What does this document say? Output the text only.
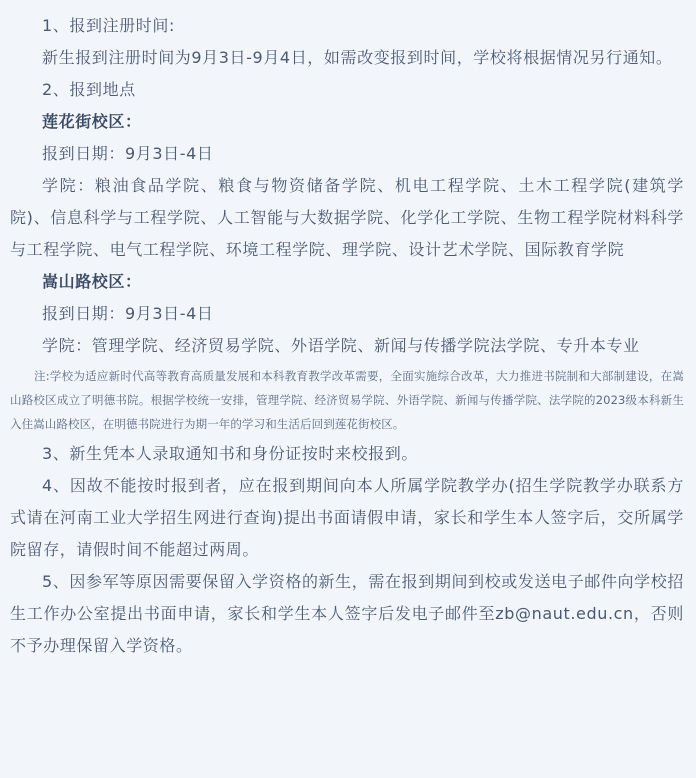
1、报到注册时间:

新生报到注册时间为9月3日-9月4日，如需改变报到时间，学校将根据情况另行通知。

2、报到地点

莲花街校区：

报到日期：9月3日-4日

学院：粮油食品学院、粮食与物资储备学院、机电工程学院、土木工程学院(建筑学院)、信息科学与工程学院、人工智能与大数据学院、化学化工学院、生物工程学院材料科学与工程学院、电气工程学院、环境工程学院、理学院、设计艺术学院、国际教育学院

嵩山路校区：

报到日期：9月3日-4日

学院：管理学院、经济贸易学院、外语学院、新闻与传播学院法学院、专升本专业

注:学校为适应新时代高等教育高质量发展和本科教育教学改革需要，全面实施综合改革，大力推进书院制和大部制建设，在嵩山路校区成立了明德书院。根据学校统一安排，管理学院、经济贸易学院、外语学院、新闻与传播学院、法学院的2023级本科新生入住嵩山路校区，在明德书院进行为期一年的学习和生活后回到莲花街校区。

3、新生凭本人录取通知书和身份证按时来校报到。

4、因故不能按时报到者，应在报到期间向本人所属学院教学办(招生学院教学办联系方式请在河南工业大学招生网进行查询)提出书面请假申请，家长和学生本人签字后，交所属学院留存，请假时间不能超过两周。

5、因参军等原因需要保留入学资格的新生，需在报到期间到校或发送电子邮件向学校招生工作办公室提出书面申请，家长和学生本人签字后发电子邮件至zb@naut.edu.cn，否则不予办理保留入学资格。
